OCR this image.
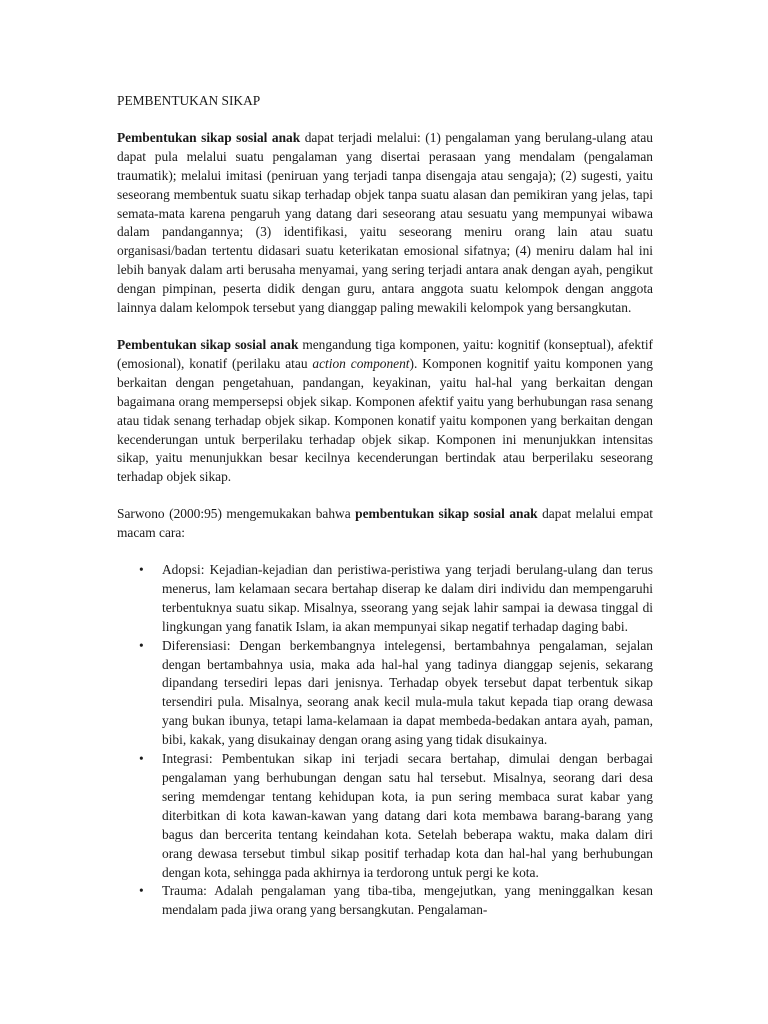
PEMBENTUKAN SIKAP

Pembentukan sikap sosial anak dapat terjadi melalui: (1) pengalaman yang berulang-ulang atau dapat pula melalui suatu pengalaman yang disertai perasaan yang mendalam (pengalaman traumatik); melalui imitasi (peniruan yang terjadi tanpa disengaja atau sengaja); (2) sugesti, yaitu seseorang membentuk suatu sikap terhadap objek tanpa suatu alasan dan pemikiran yang jelas, tapi semata-mata karena pengaruh yang datang dari seseorang atau sesuatu yang mempunyai wibawa dalam pandangannya; (3) identifikasi, yaitu seseorang meniru orang lain atau suatu organisasi/badan tertentu didasari suatu keterikatan emosional sifatnya; (4) meniru dalam hal ini lebih banyak dalam arti berusaha menyamai, yang sering terjadi antara anak dengan ayah, pengikut dengan pimpinan, peserta didik dengan guru, antara anggota suatu kelompok dengan anggota lainnya dalam kelompok tersebut yang dianggap paling mewakili kelompok yang bersangkutan.

Pembentukan sikap sosial anak mengandung tiga komponen, yaitu: kognitif (konseptual), afektif (emosional), konatif (perilaku atau action component). Komponen kognitif yaitu komponen yang berkaitan dengan pengetahuan, pandangan, keyakinan, yaitu hal-hal yang berkaitan dengan bagaimana orang mempersepsi objek sikap. Komponen afektif yaitu yang berhubungan rasa senang atau tidak senang terhadap objek sikap. Komponen konatif yaitu komponen yang berkaitan dengan kecenderungan untuk berperilaku terhadap objek sikap. Komponen ini menunjukkan intensitas sikap, yaitu menunjukkan besar kecilnya kecenderungan bertindak atau berperilaku seseorang terhadap objek sikap.

Sarwono (2000:95) mengemukakan bahwa pembentukan sikap sosial anak dapat melalui empat macam cara:

• Adopsi: Kejadian-kejadian dan peristiwa-peristiwa yang terjadi berulang-ulang dan terus menerus, lam kelamaan secara bertahap diserap ke dalam diri individu dan mempengaruhi terbentuknya suatu sikap. Misalnya, sseorang yang sejak lahir sampai ia dewasa tinggal di lingkungan yang fanatik Islam, ia akan mempunyai sikap negatif terhadap daging babi.
• Diferensiasi: Dengan berkembangnya intelegensi, bertambahnya pengalaman, sejalan dengan bertambahnya usia, maka ada hal-hal yang tadinya dianggap sejenis, sekarang dipandang tersediri lepas dari jenisnya. Terhadap obyek tersebut dapat terbentuk sikap tersendiri pula. Misalnya, seorang anak kecil mula-mula takut kepada tiap orang dewasa yang bukan ibunya, tetapi lama-kelamaan ia dapat membeda-bedakan antara ayah, paman, bibi, kakak, yang disukainay dengan orang asing yang tidak disukainya.
• Integrasi: Pembentukan sikap ini terjadi secara bertahap, dimulai dengan berbagai pengalaman yang berhubungan dengan satu hal tersebut. Misalnya, seorang dari desa sering memdengar tentang kehidupan kota, ia pun sering membaca surat kabar yang diterbitkan di kota kawan-kawan yang datang dari kota membawa barang-barang yang bagus dan bercerita tentang keindahan kota. Setelah beberapa waktu, maka dalam diri orang dewasa tersebut timbul sikap positif terhadap kota dan hal-hal yang berhubungan dengan kota, sehingga pada akhirnya ia terdorong untuk pergi ke kota.
• Trauma: Adalah pengalaman yang tiba-tiba, mengejutkan, yang meninggalkan kesan mendalam pada jiwa orang yang bersangkutan. Pengalaman-
